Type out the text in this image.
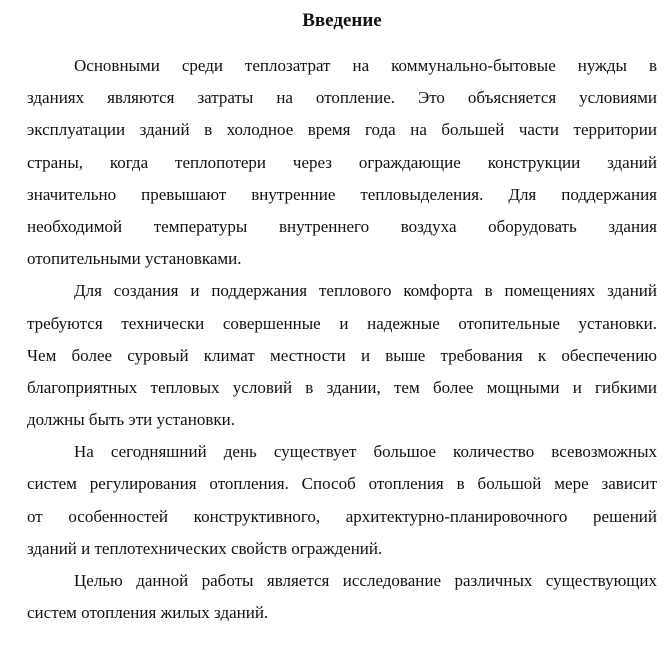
Введение
Основными среди теплозатрат на коммунально-бытовые нужды в
зданиях являются затраты на отопление. Это объясняется условиями
эксплуатации зданий в холодное время года на большей части территории
страны, когда теплопотери через ограждающие конструкции зданий
значительно превышают внутренние тепловыделения. Для поддержания
необходимой температуры внутреннего воздуха оборудовать здания
отопительными установками.
Для создания и поддержания теплового комфорта в помещениях зданий
требуются технически совершенные и надежные отопительные установки.
Чем более суровый климат местности и выше требования к обеспечению
благоприятных тепловых условий в здании, тем более мощными и гибкими
должны быть эти установки.
На сегодняшний день существует большое количество всевозможных
систем регулирования отопления. Способ отопления в большой мере зависит
от особенностей конструктивного, архитектурно-планировочного решений
зданий и теплотехнических свойств ограждений.
Целью данной работы является исследование различных существующих
систем отопления жилых зданий.
